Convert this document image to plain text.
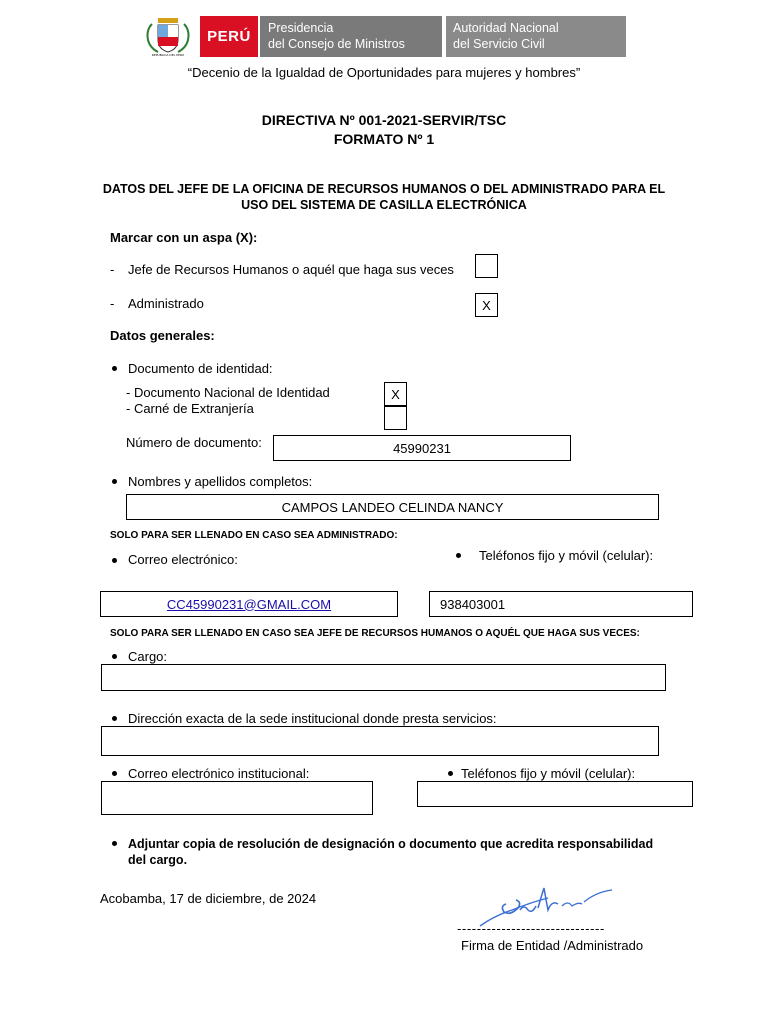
REPÚBLICA DEL PERÚ
PERÚ Presidencia
del Consejo de Ministros
Autoridad Nacional
del Servicio Civil
“Decenio de la Igualdad de Oportunidades para mujeres y hombres”
DIRECTIVA Nº 001-2021-SERVIR/TSC
FORMATO Nº 1
DATOS DEL JEFE DE LA OFICINA DE RECURSOS HUMANOS O DEL ADMINISTRADO PARA EL
USO DEL SISTEMA DE CASILLA ELECTRÓNICA
Marcar con un aspa (X):
- Jefe de Recursos Humanos o aquél que haga sus veces
- Administrado	X
Datos generales:
Documento de identidad:
- Documento Nacional de Identidad	X
- Carné de Extranjería
Número de documento:	45990231
Nombres y apellidos completos:
CAMPOS LANDEO CELINDA NANCY
SOLO PARA SER LLENADO EN CASO SEA ADMINISTRADO:
Correo electrónico:	Teléfonos fijo y móvil (celular):
CC45990231@GMAIL.COM	938403001
SOLO PARA SER LLENADO EN CASO SEA JEFE DE RECURSOS HUMANOS O AQUÉL QUE HAGA SUS VECES:
Cargo:
Dirección exacta de la sede institucional donde presta servicios:
Correo electrónico institucional:	Teléfonos fijo y móvil (celular):
Adjuntar copia de resolución de designación o documento que acredita responsabilidad
del cargo.
Acobamba, 17 de diciembre, de 2024
------------------------------
Firma de Entidad /Administrado
